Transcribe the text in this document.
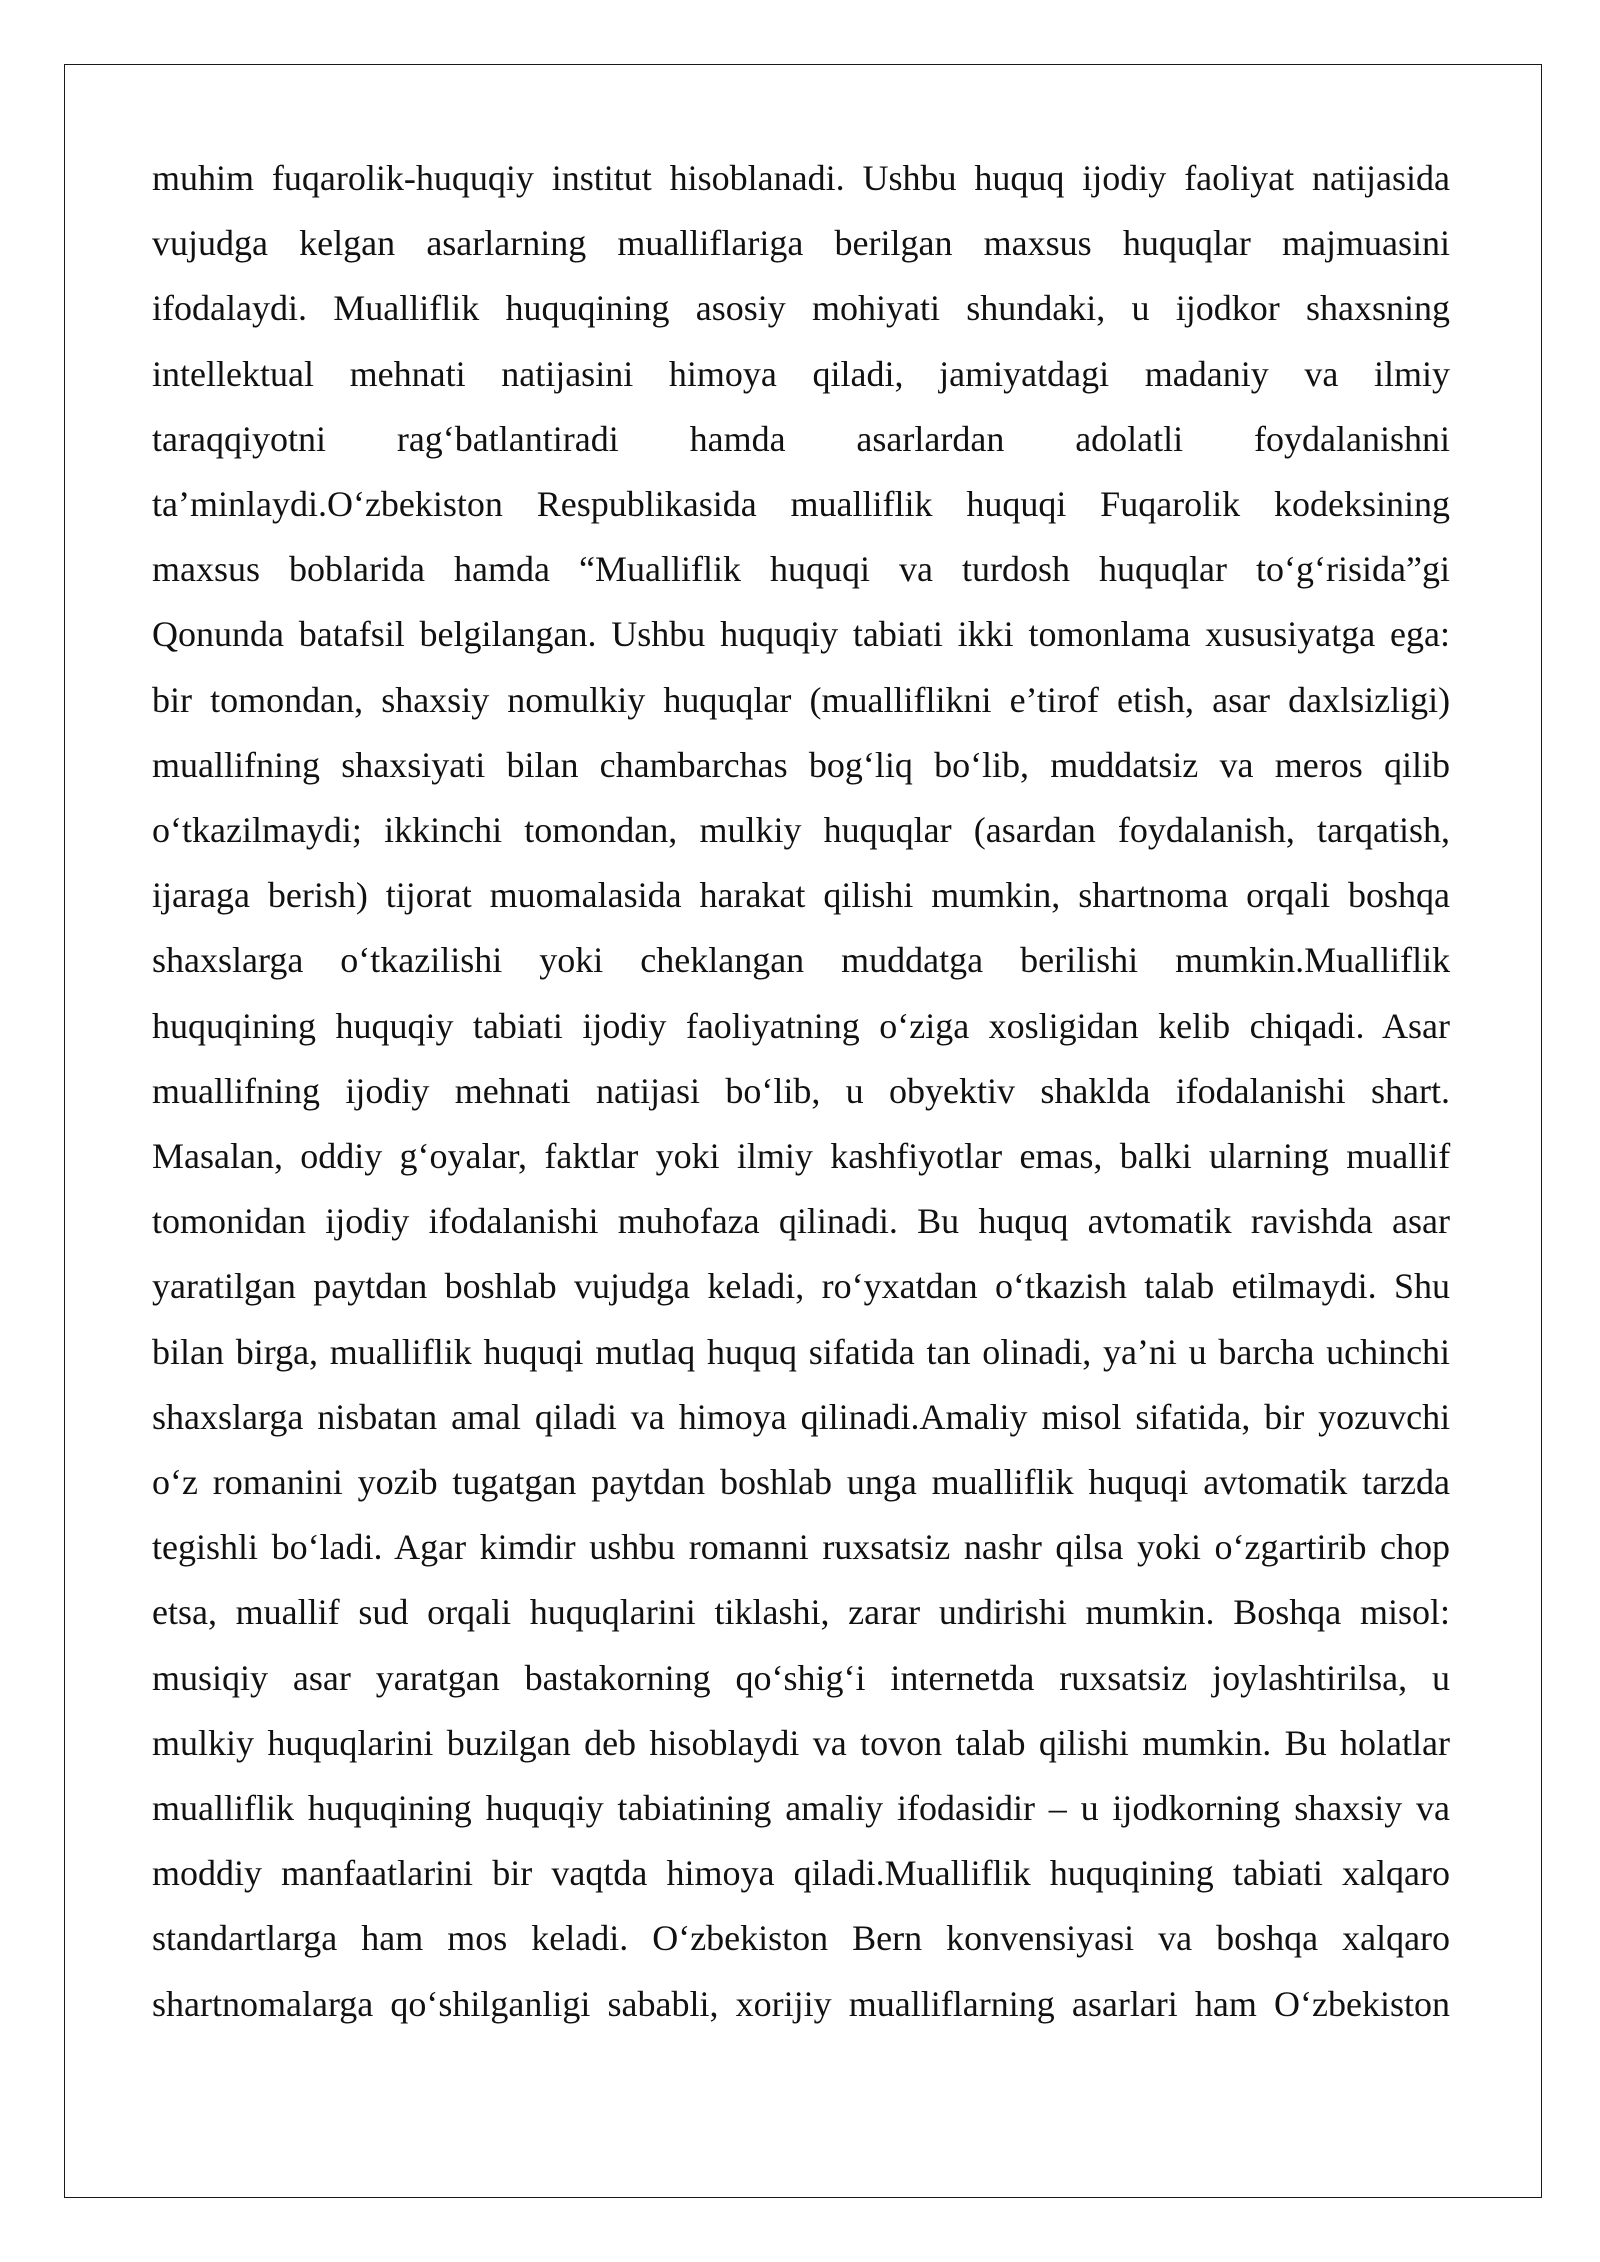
muhim fuqarolik-huquqiy institut hisoblanadi. Ushbu huquq ijodiy faoliyat natijasida
vujudga kelgan asarlarning mualliflariga berilgan maxsus huquqlar majmuasini
ifodalaydi. Mualliflik huquqining asosiy mohiyati shundaki, u ijodkor shaxsning
intellektual mehnati natijasini himoya qiladi, jamiyatdagi madaniy va ilmiy
taraqqiyotni rag‘batlantiradi hamda asarlardan adolatli foydalanishni
ta’minlaydi.O‘zbekiston Respublikasida mualliflik huquqi Fuqarolik kodeksining
maxsus boblarida hamda “Mualliflik huquqi va turdosh huquqlar to‘g‘risida”gi
Qonunda batafsil belgilangan. Ushbu huquqiy tabiati ikki tomonlama xususiyatga ega:
bir tomondan, shaxsiy nomulkiy huquqlar (mualliflikni e’tirof etish, asar daxlsizligi)
muallifning shaxsiyati bilan chambarchas bog‘liq bo‘lib, muddatsiz va meros qilib
o‘tkazilmaydi; ikkinchi tomondan, mulkiy huquqlar (asardan foydalanish, tarqatish,
ijaraga berish) tijorat muomalasida harakat qilishi mumkin, shartnoma orqali boshqa
shaxslarga o‘tkazilishi yoki cheklangan muddatga berilishi mumkin.Mualliflik
huquqining huquqiy tabiati ijodiy faoliyatning o‘ziga xosligidan kelib chiqadi. Asar
muallifning ijodiy mehnati natijasi bo‘lib, u obyektiv shaklda ifodalanishi shart.
Masalan, oddiy g‘oyalar, faktlar yoki ilmiy kashfiyotlar emas, balki ularning muallif
tomonidan ijodiy ifodalanishi muhofaza qilinadi. Bu huquq avtomatik ravishda asar
yaratilgan paytdan boshlab vujudga keladi, ro‘yxatdan o‘tkazish talab etilmaydi. Shu
bilan birga, mualliflik huquqi mutlaq huquq sifatida tan olinadi, ya’ni u barcha uchinchi
shaxslarga nisbatan amal qiladi va himoya qilinadi.Amaliy misol sifatida, bir yozuvchi
o‘z romanini yozib tugatgan paytdan boshlab unga mualliflik huquqi avtomatik tarzda
tegishli bo‘ladi. Agar kimdir ushbu romanni ruxsatsiz nashr qilsa yoki o‘zgartirib chop
etsa, muallif sud orqali huquqlarini tiklashi, zarar undirishi mumkin. Boshqa misol:
musiqiy asar yaratgan bastakorning qo‘shig‘i internetda ruxsatsiz joylashtirilsa, u
mulkiy huquqlarini buzilgan deb hisoblaydi va tovon talab qilishi mumkin. Bu holatlar
mualliflik huquqining huquqiy tabiatining amaliy ifodasidir – u ijodkorning shaxsiy va
moddiy manfaatlarini bir vaqtda himoya qiladi.Mualliflik huquqining tabiati xalqaro
standartlarga ham mos keladi. O‘zbekiston Bern konvensiyasi va boshqa xalqaro
shartnomalarga qo‘shilganligi sababli, xorijiy mualliflarning asarlari ham O‘zbekiston
